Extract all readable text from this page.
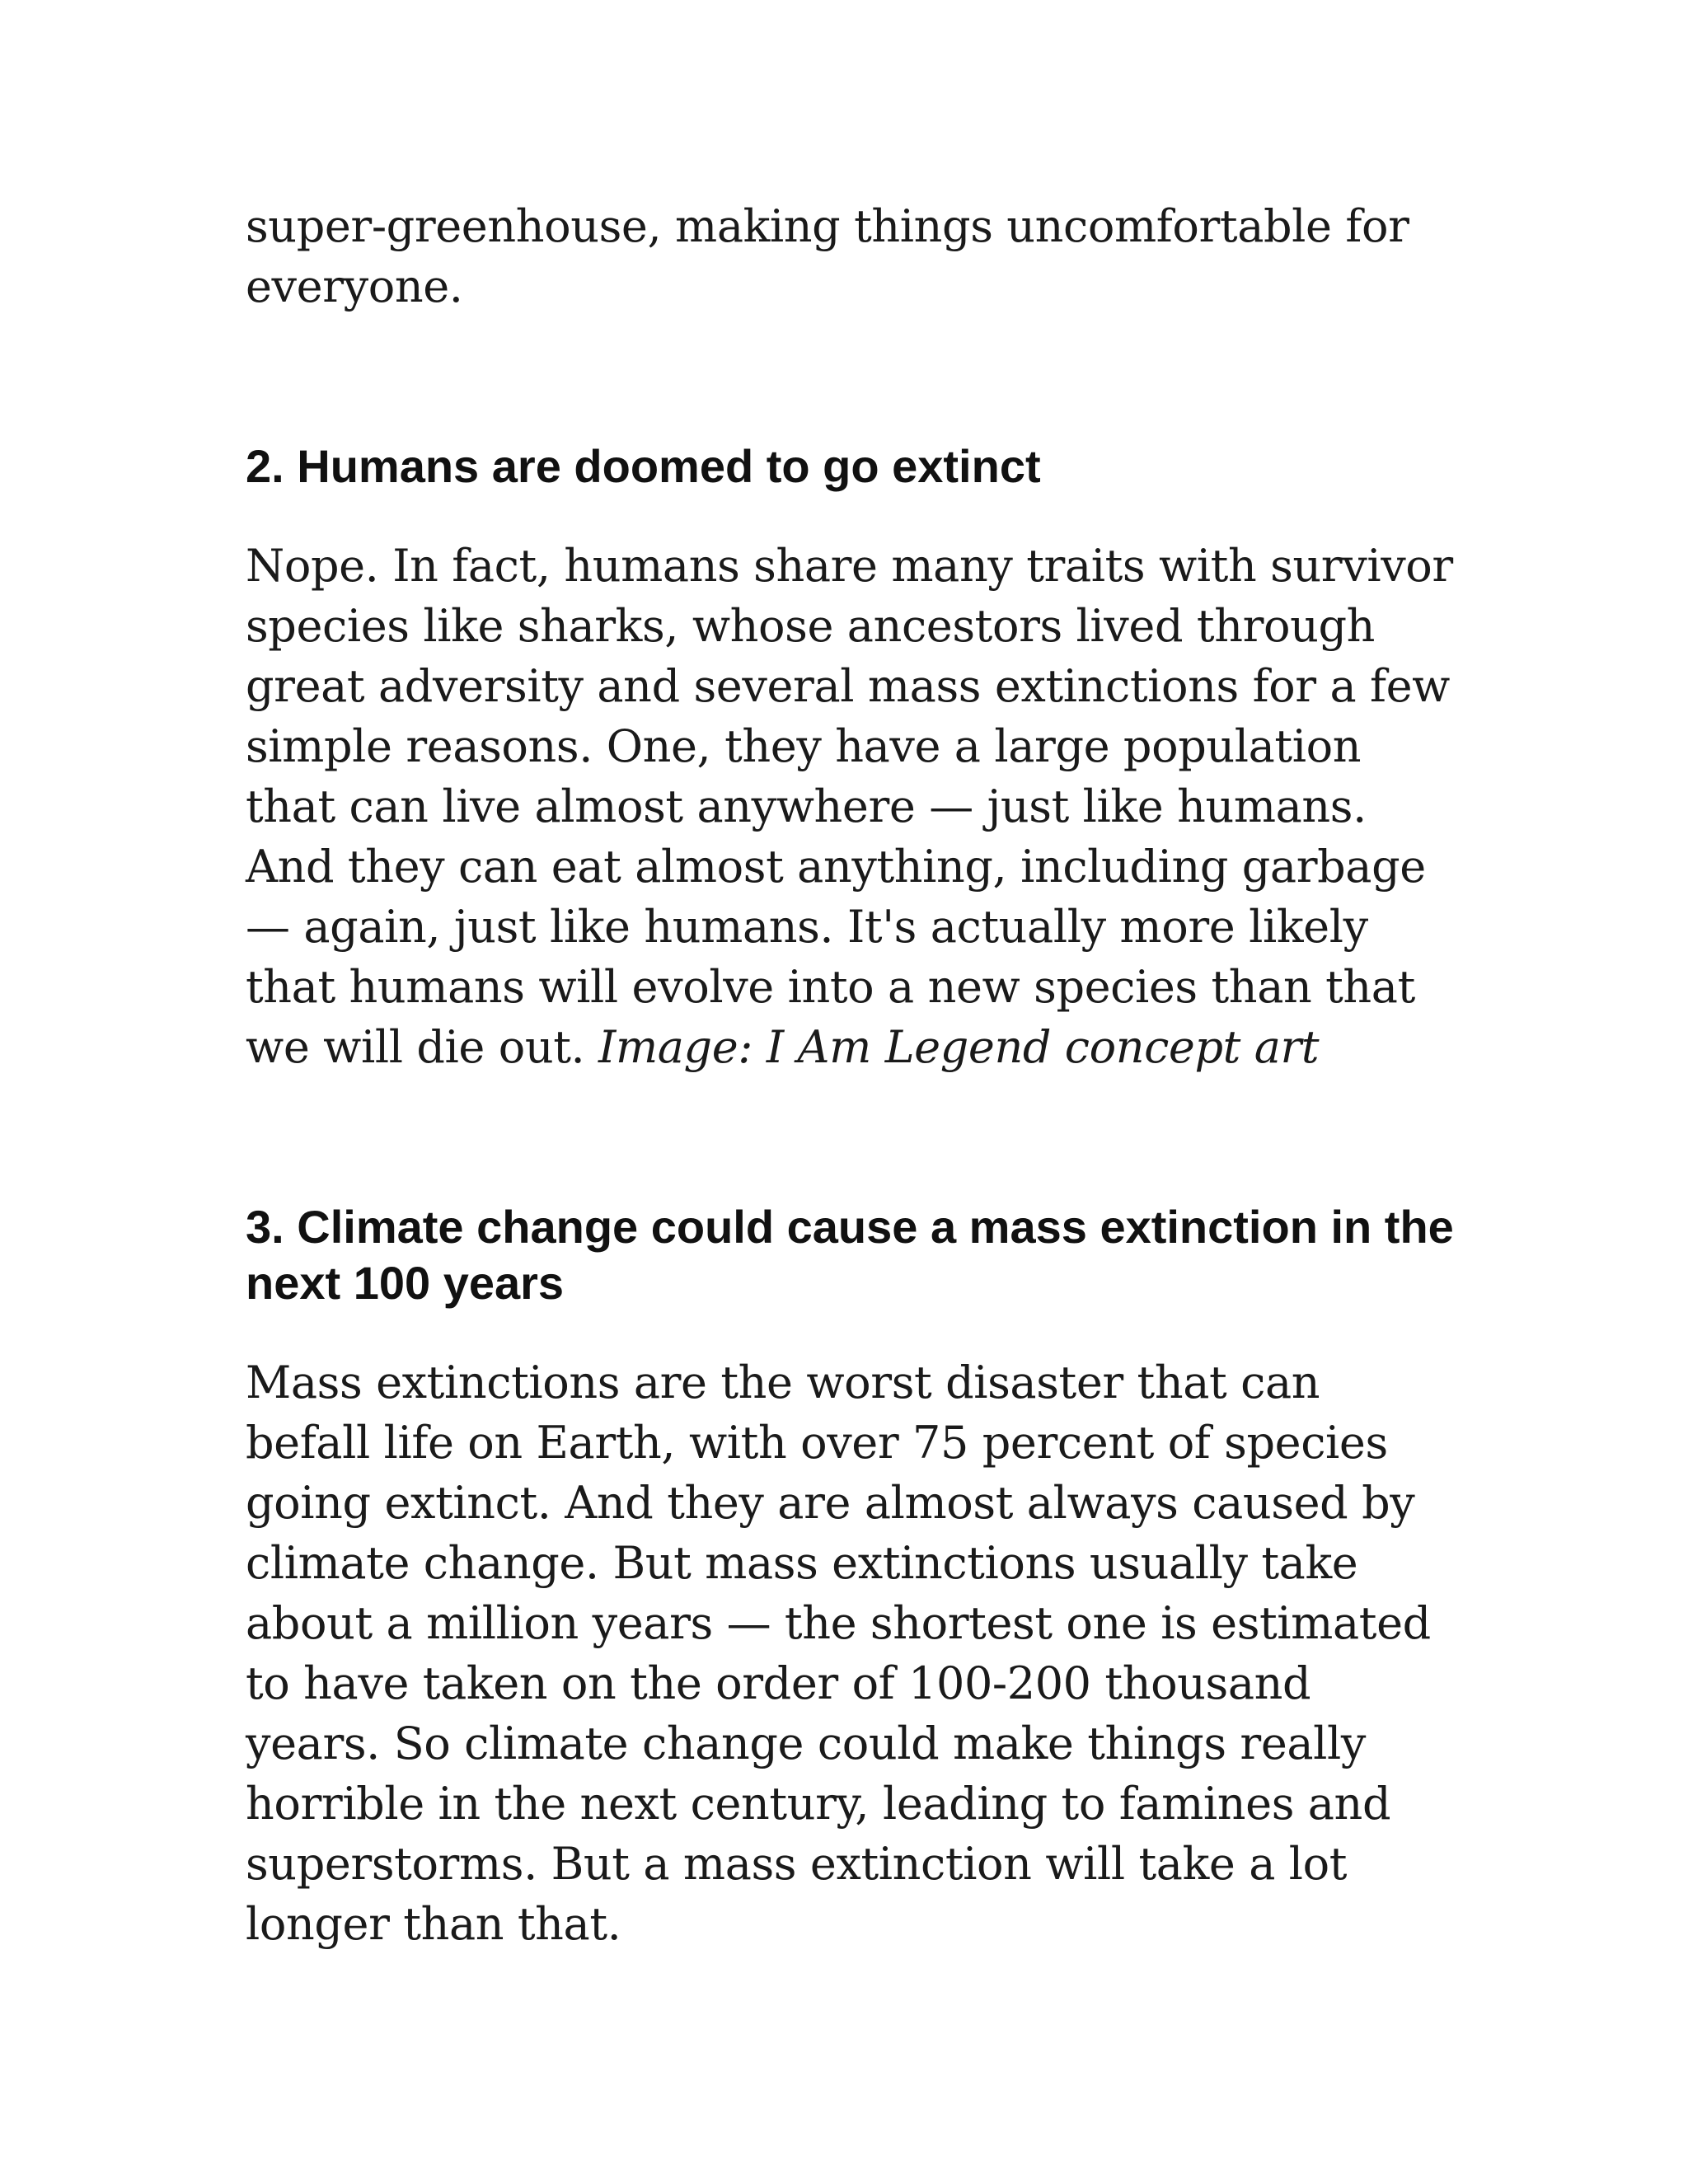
super-greenhouse, making things uncomfortable for everyone.

2. Humans are doomed to go extinct

Nope. In fact, humans share many traits with survivor species like sharks, whose ancestors lived through great adversity and several mass extinctions for a few simple reasons. One, they have a large population that can live almost anywhere — just like humans. And they can eat almost anything, including garbage — again, just like humans. It's actually more likely that humans will evolve into a new species than that we will die out. Image: I Am Legend concept art

3. Climate change could cause a mass extinction in the next 100 years

Mass extinctions are the worst disaster that can befall life on Earth, with over 75 percent of species going extinct. And they are almost always caused by climate change. But mass extinctions usually take about a million years — the shortest one is estimated to have taken on the order of 100-200 thousand years. So climate change could make things really horrible in the next century, leading to famines and superstorms. But a mass extinction will take a lot longer than that.
